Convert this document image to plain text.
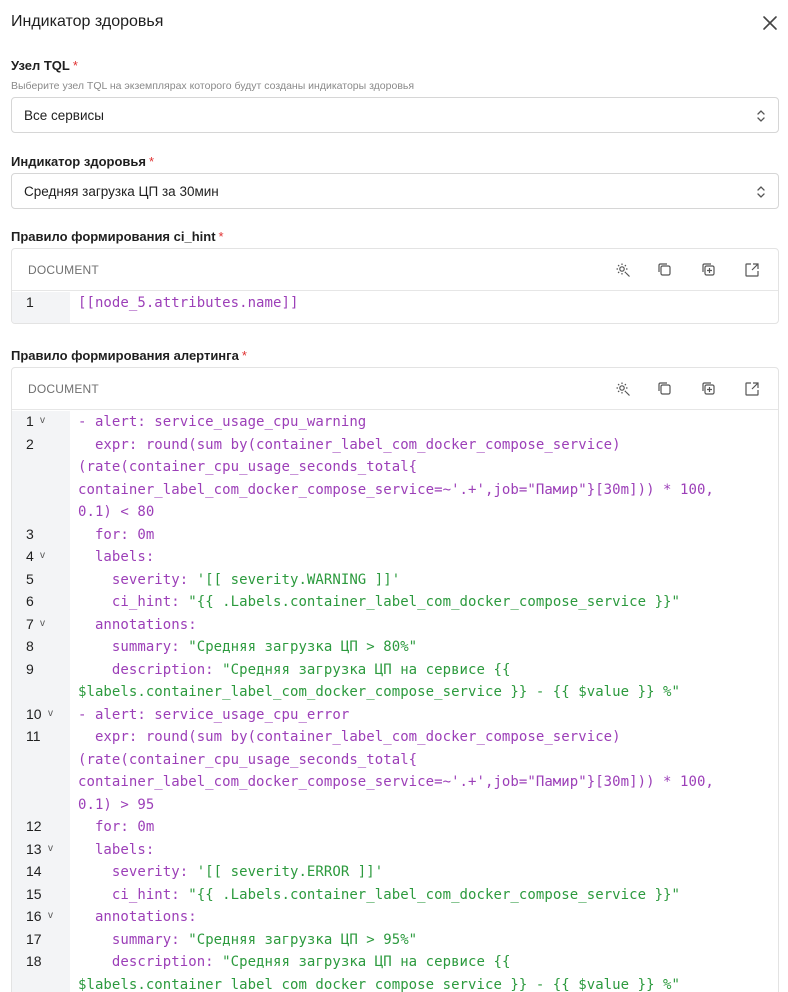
Индикатор здоровья
Узел TQL *
Выберите узел TQL на экземплярах которого будут созданы индикаторы здоровья
Все сервисы
Индикатор здоровья *
Средняя загрузка ЦП за 30мин
Правило формирования ci_hint *
DOCUMENT
1	[[node_5.attributes.name]]
Правило формирования алертинга *
DOCUMENT
1 v - alert: service_usage_cpu_warning
2	expr: round(sum by(container_label_com_docker_compose_service)
(rate(container_cpu_usage_seconds_total{
container_label_com_docker_compose_service=~'.+',job="Памир"}[30m])) * 100,
0.1) < 80
3	for: 0m
4 v labels:
5	severity: '[[ severity.WARNING ]]'
6	ci_hint: "{{ .Labels.container_label_com_docker_compose_service }}"
7 v annotations:
8	summary: "Средняя загрузка ЦП > 80%"
9	description: "Средняя загрузка ЦП на сервисе {{
$labels.container_label_com_docker_compose_service }} - {{ $value }} %"
10 v - alert: service_usage_cpu_error
11	expr: round(sum by(container_label_com_docker_compose_service)
(rate(container_cpu_usage_seconds_total{
container_label_com_docker_compose_service=~'.+',job="Памир"}[30m])) * 100,
0.1) > 95
12	for: 0m
13 v labels:
14	severity: '[[ severity.ERROR ]]'
15	ci_hint: "{{ .Labels.container_label_com_docker_compose_service }}"
16 v annotations:
17	summary: "Средняя загрузка ЦП > 95%"
18	description: "Средняя загрузка ЦП на сервисе {{
$labels.container_label_com_docker_compose_service }} - {{ $value }} %"
